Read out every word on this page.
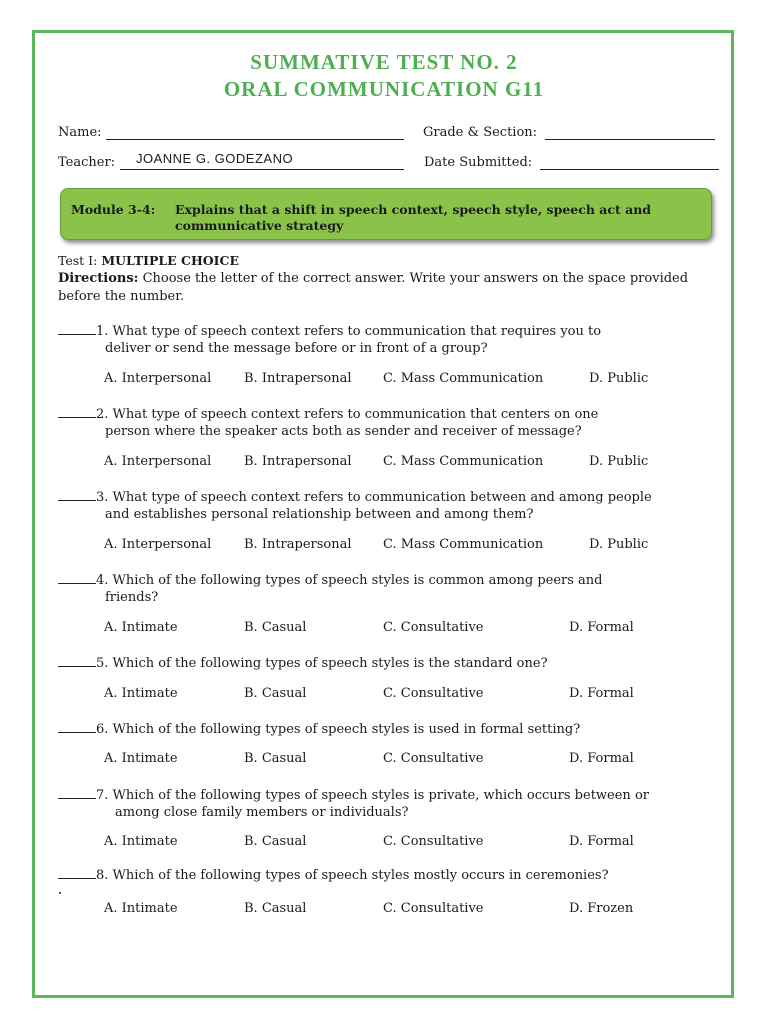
SUMMATIVE TEST NO. 2
ORAL COMMUNICATION G11
Name:	Grade & Section:
Teacher: JOANNE G. GODEZANO	Date Submitted:
Module 3-4: Explains that a shift in speech context, speech style, speech act and communicative strategy
Test I: MULTIPLE CHOICE
Directions: Choose the letter of the correct answer. Write your answers on the space provided before the number.
1. What type of speech context refers to communication that requires you to
deliver or send the message before or in front of a group?
A. Interpersonal	B. Intrapersonal C. Mass Communication	D. Public
2. What type of speech context refers to communication that centers on one
person where the speaker acts both as sender and receiver of message?
A. Interpersonal	B. Intrapersonal C. Mass Communication	D. Public
3. What type of speech context refers to communication between and among people
and establishes personal relationship between and among them?
A. Interpersonal	B. Intrapersonal C. Mass Communication	D. Public
4. Which of the following types of speech styles is common among peers and
friends?
A. Intimate	B. Casual	C. Consultative	D. Formal
5. Which of the following types of speech styles is the standard one?
A. Intimate	B. Casual	C. Consultative	D. Formal
6. Which of the following types of speech styles is used in formal setting?
A. Intimate	B. Casual	C. Consultative	D. Formal
7. Which of the following types of speech styles is private, which occurs between or
among close family members or individuals?
A. Intimate	B. Casual	C. Consultative	D. Formal
8. Which of the following types of speech styles mostly occurs in ceremonies?
A. Intimate	B. Casual	C. Consultative	D. Frozen
